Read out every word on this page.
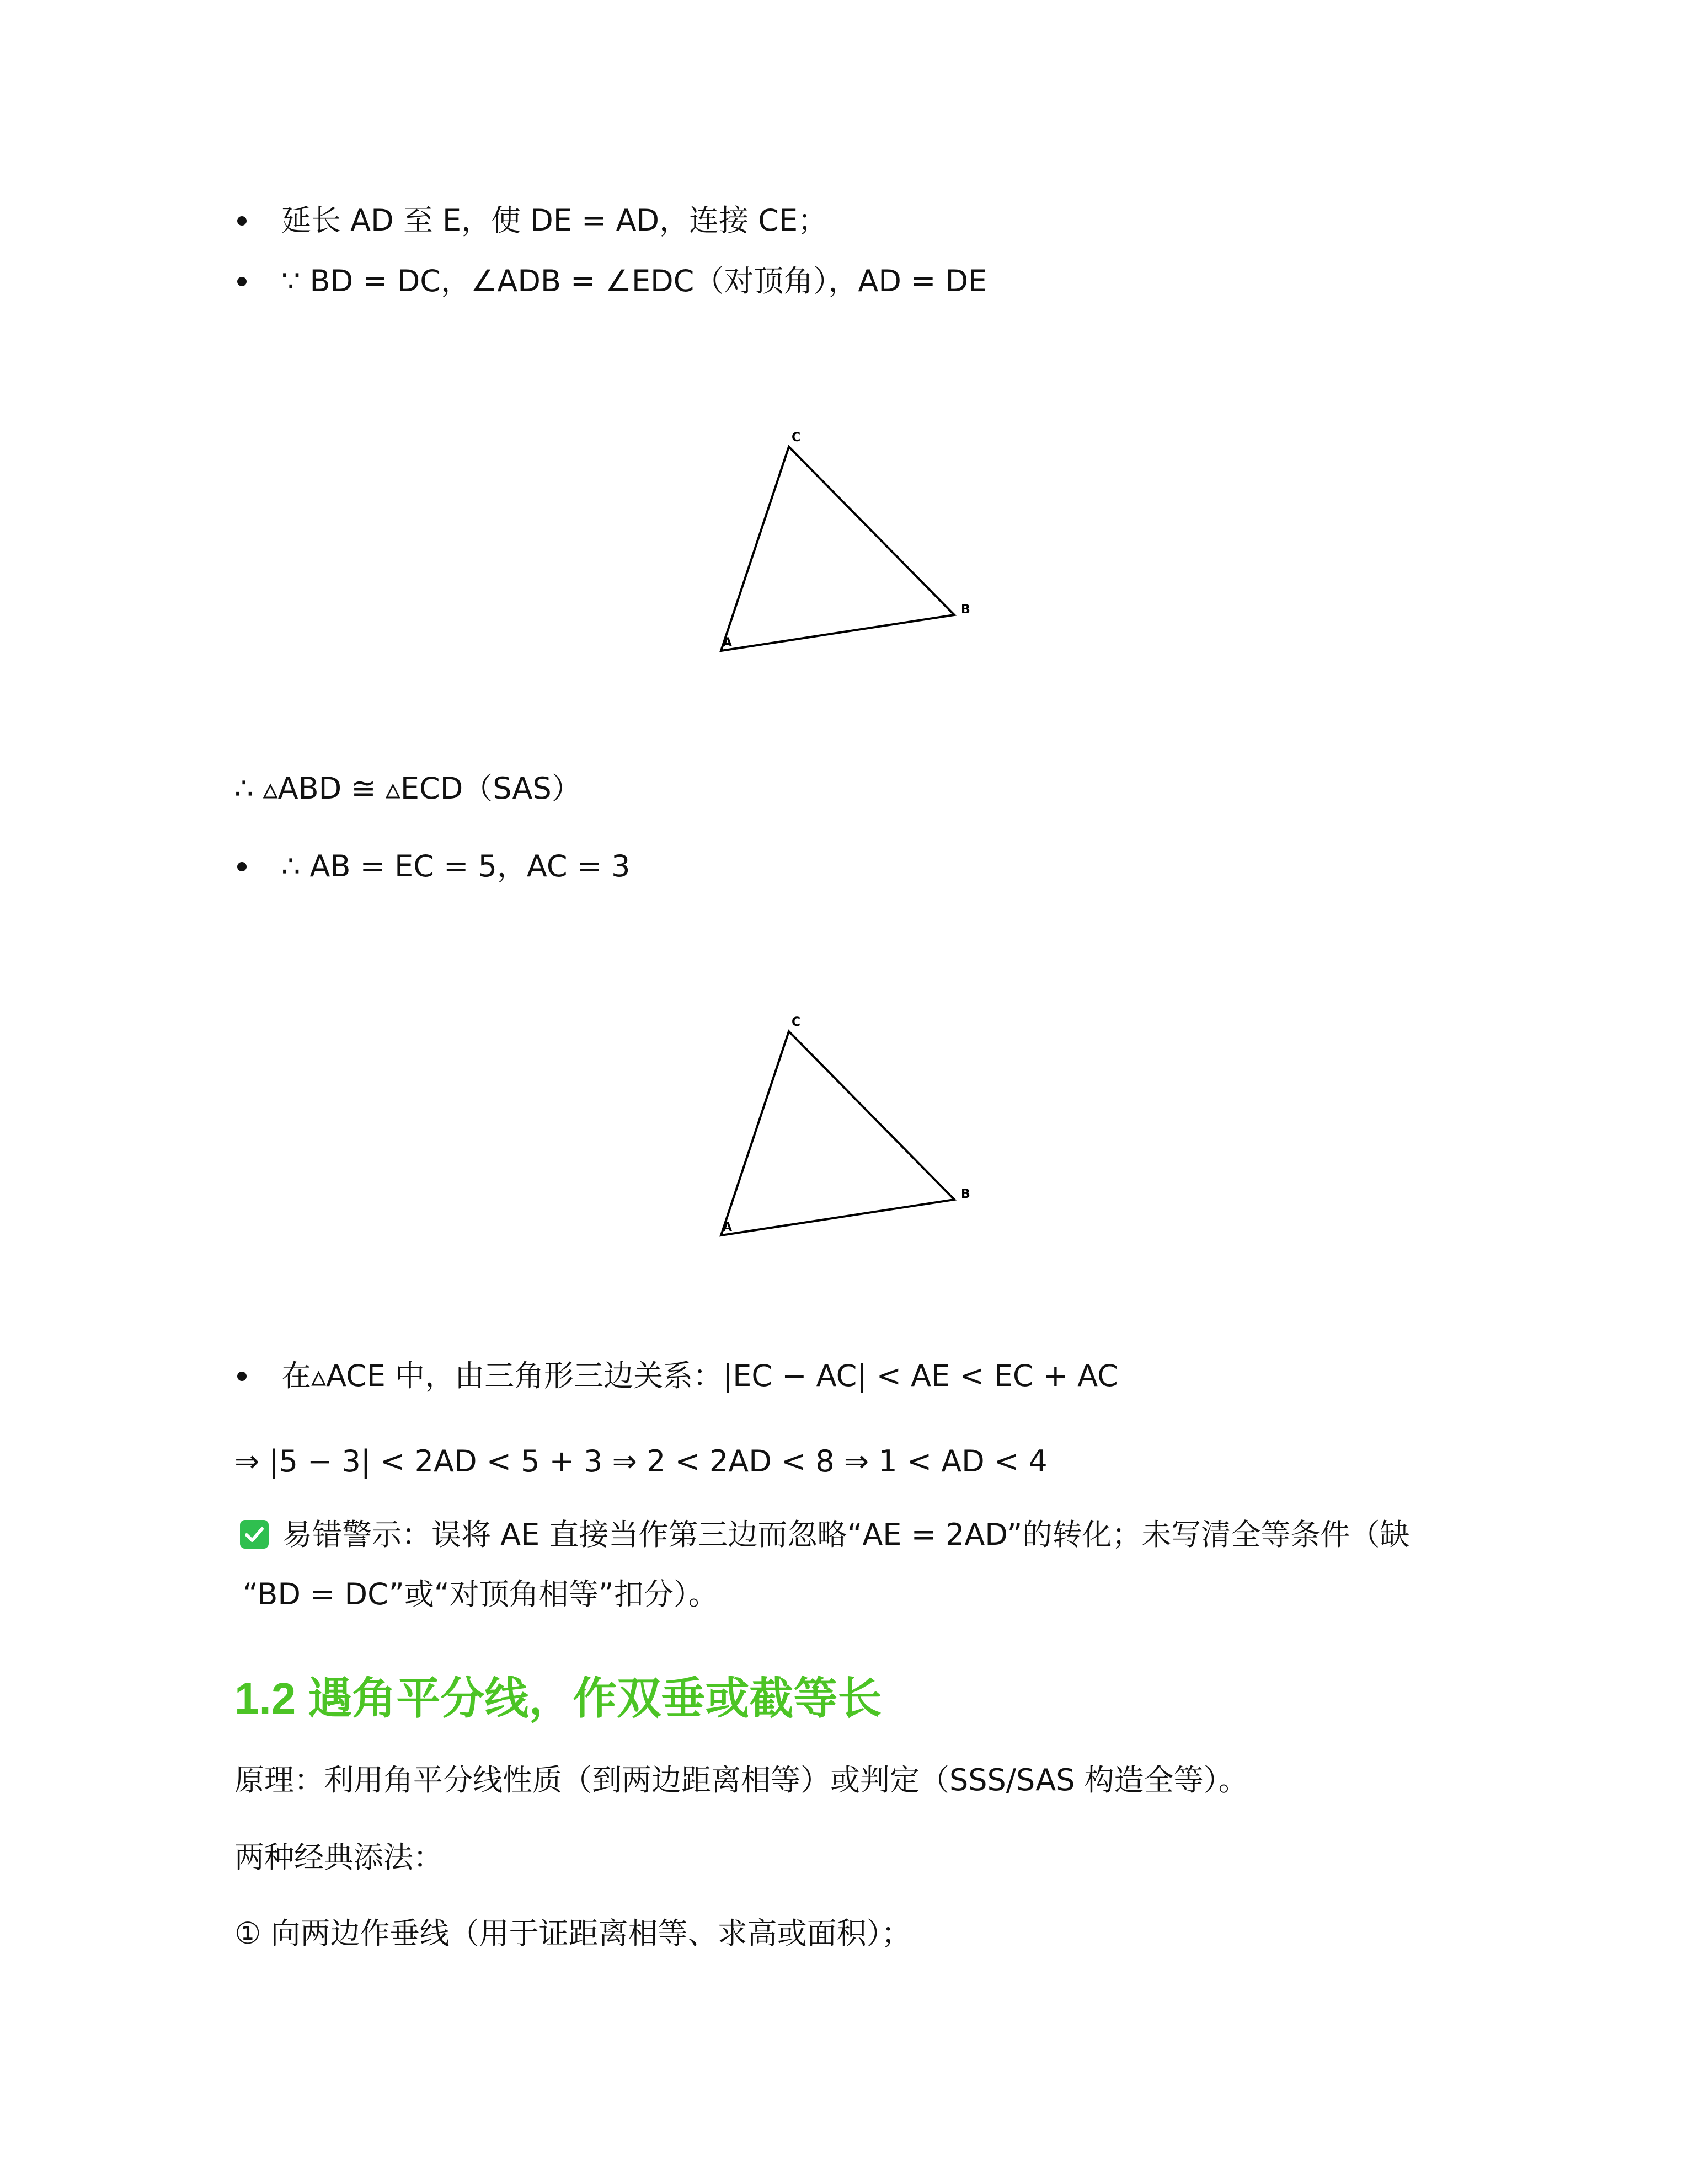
延长 AD 至 E，使 DE = AD，连接 CE；
∵ BD = DC，∠ADB = ∠EDC（对顶角），AD = DE
C
B
A
∴ ▵ABD ≅ ▵ECD（SAS）
∴ AB = EC = 5，AC = 3
C
B
A
在▵ACE 中，由三角形三边关系：|EC − AC| < AE < EC + AC
⇒ |5 − 3| < 2AD < 5 + 3 ⇒ 2 < 2AD < 8 ⇒ 1 < AD < 4
易错警示：误将 AE 直接当作第三边而忽略“AE = 2AD”的转化；未写清全等条件（缺
“BD = DC”或“对顶角相等”扣分）。
1.2 遇角平分线，作双垂或截等长
原理：利用角平分线性质（到两边距离相等）或判定（SSS/SAS 构造全等）。
两种经典添法：
① 向两边作垂线（用于证距离相等、求高或面积）；
